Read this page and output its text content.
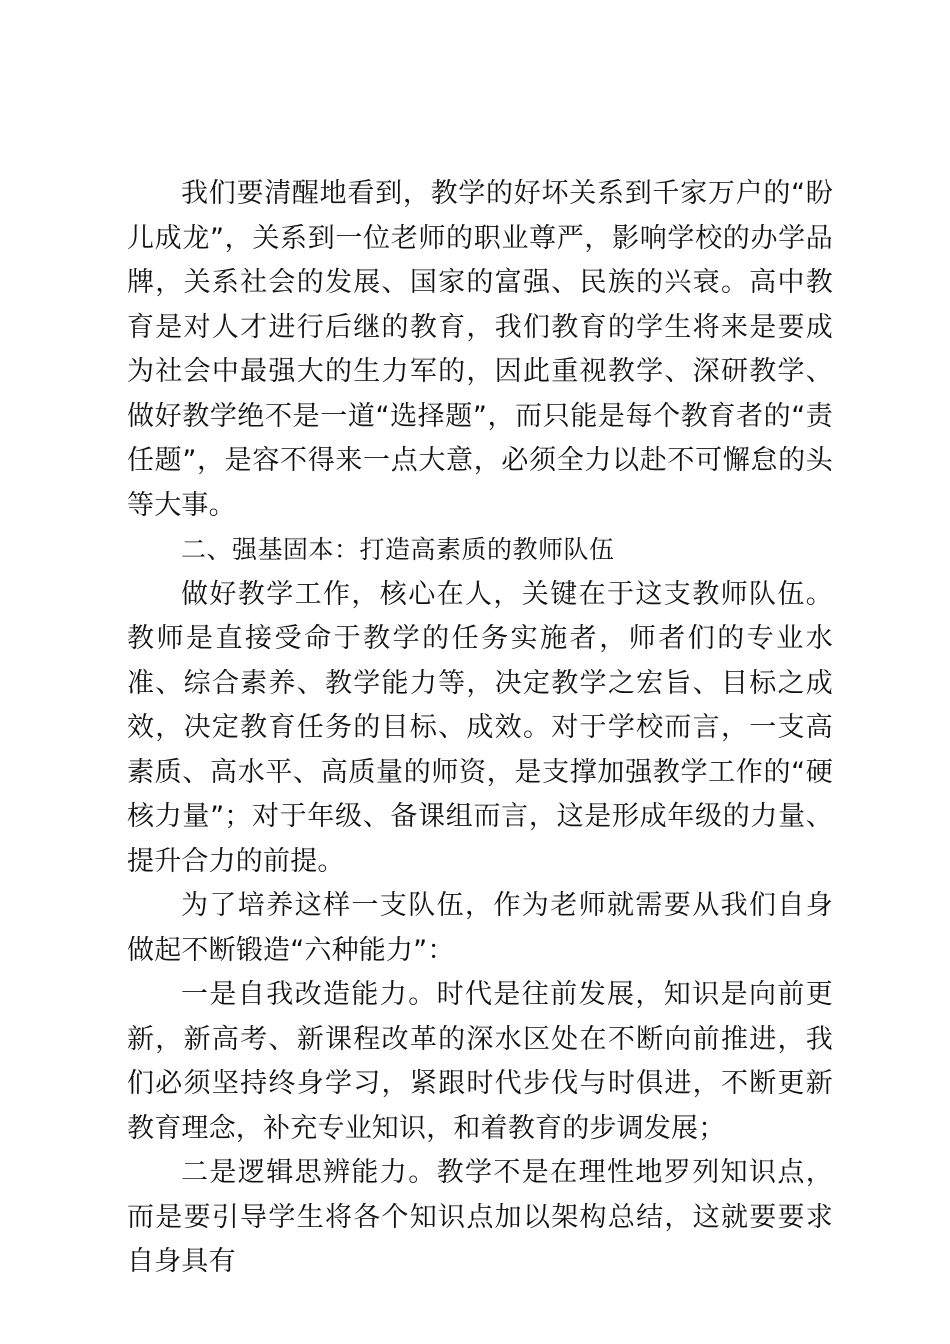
我们要清醒地看到，教学的好坏关系到千家万户的“盼儿成龙”，关系到一位老师的职业尊严，影响学校的办学品牌，关系社会的发展、国家的富强、民族的兴衰。高中教育是对人才进行后继的教育，我们教育的学生将来是要成为社会中最强大的生力军的，因此重视教学、深研教学、做好教学绝不是一道“选择题”，而只能是每个教育者的“责任题”，是容不得来一点大意，必须全力以赴不可懈怠的头等大事。

二、强基固本：打造高素质的教师队伍

做好教学工作，核心在人，关键在于这支教师队伍。教师是直接受命于教学的任务实施者，师者们的专业水准、综合素养、教学能力等，决定教学之宏旨、目标之成效，决定教育任务的目标、成效。对于学校而言，一支高素质、高水平、高质量的师资，是支撑加强教学工作的“硬核力量”；对于年级、备课组而言，这是形成年级的力量、提升合力的前提。

为了培养这样一支队伍，作为老师就需要从我们自身做起不断锻造“六种能力”：

一是自我改造能力。时代是往前发展，知识是向前更新，新高考、新课程改革的深水区处在不断向前推进，我们必须坚持终身学习，紧跟时代步伐与时俱进，不断更新教育理念，补充专业知识，和着教育的步调发展；

二是逻辑思辨能力。教学不是在理性地罗列知识点，而是要引导学生将各个知识点加以架构总结，这就要要求自身具有
